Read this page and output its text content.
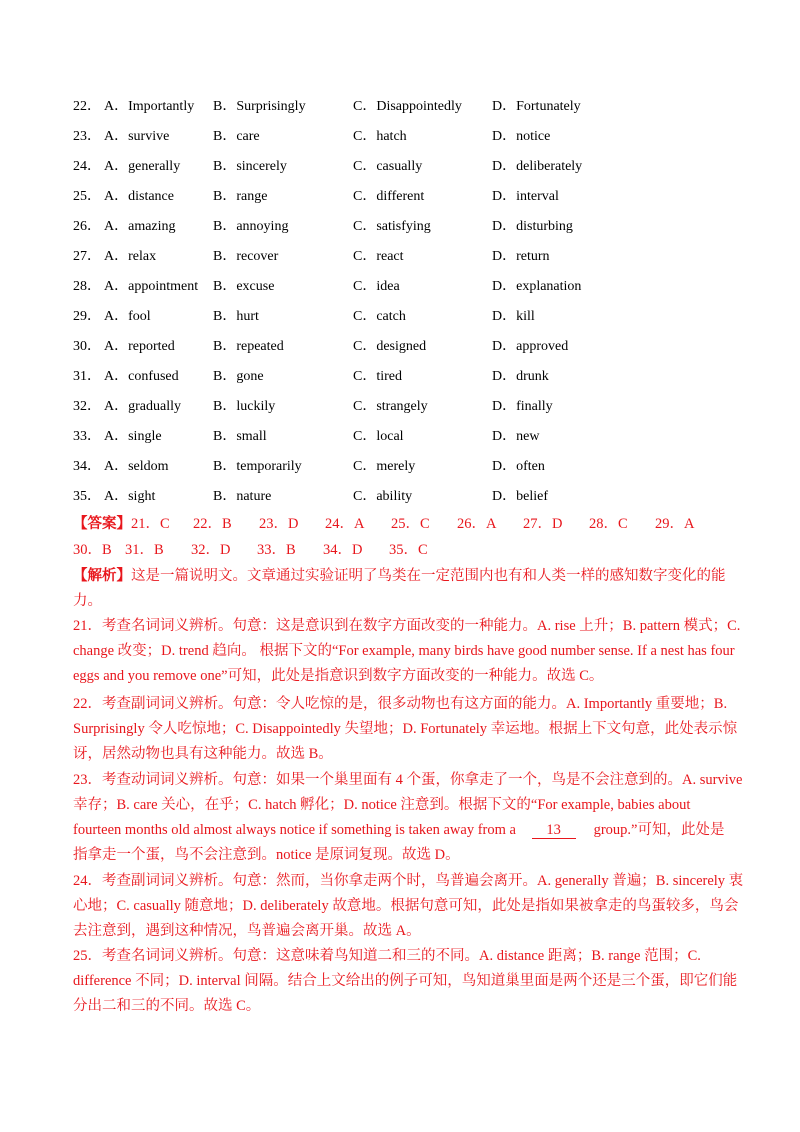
22． A．Importantly B．Surprisingly	C．Disappointedly D．Fortunately
23． A．survive	B．care	C．hatch	D．notice
24． A．generally B．sincerely	C．casually	D．deliberately
25． A．distance	B．range	C．different	D．interval
26． A．amazing	B．annoying	C．satisfying	D．disturbing
27． A．relax	B．recover	C．react	D．return
28． A．appointment B．excuse	C．idea	D．explanation
29． A．fool	B．hurt	C．catch	D．kill
30． A．reported	B．repeated	C．designed	D．approved
31． A．confused B．gone	C．tired	D．drunk
32． A．gradually B．luckily	C．strangely	D．finally
33． A．single	B．small	C．local	D．new
34． A．seldom	B．temporarily	C．merely	D．often
35． A．sight	B．nature	C．ability	D．belief
【答案】 21．C 22．B 23．D 24．A 25．C 26．A 27．D 28．C 29．A
30．B 31．B 32．D 33．B 34．D 35．C
【解析】这是一篇说明文。文章通过实验证明了鸟类在一定范围内也有和人类一样的感知数字变化的能
力。
21．考查名词词义辨析。句意：这是意识到在数字方面改变的一种能力。A. rise 上升；B. pattern 模式；C.
change 改变；D. trend 趋向。 根据下文的“For example, many birds have good number sense. If a nest has four
eggs and you remove one”可知，此处是指意识到数字方面改变的一种能力。故选 C。
22．考查副词词义辨析。句意：令人吃惊的是，很多动物也有这方面的能力。A. Importantly 重要地；B.
Surprisingly 令人吃惊地；C. Disappointedly 失望地；D. Fortunately 幸运地。根据上下文句意，此处表示惊
讶，居然动物也具有这种能力。故选 B。
23．考查动词词义辨析。句意：如果一个巢里面有 4 个蛋，你拿走了一个，鸟是不会注意到的。A. survive
幸存；B. care 关心，在乎；C. hatch 孵化；D. notice 注意到。根据下文的“For example, babies about
fourteen months old almost always notice if something is taken away from a 13 group.”可知，此处是
指拿走一个蛋，鸟不会注意到。notice 是原词复现。故选 D。
24．考查副词词义辨析。句意：然而，当你拿走两个时，鸟普遍会离开。A. generally 普遍；B. sincerely 衷
心地；C. casually 随意地；D. deliberately 故意地。根据句意可知，此处是指如果被拿走的鸟蛋较多，鸟会
去注意到，遇到这种情况，鸟普遍会离开巢。故选 A。
25．考查名词词义辨析。句意：这意味着鸟知道二和三的不同。A. distance 距离；B. range 范围；C.
difference 不同；D. interval 间隔。结合上文给出的例子可知，鸟知道巢里面是两个还是三个蛋，即它们能
分出二和三的不同。故选 C。
